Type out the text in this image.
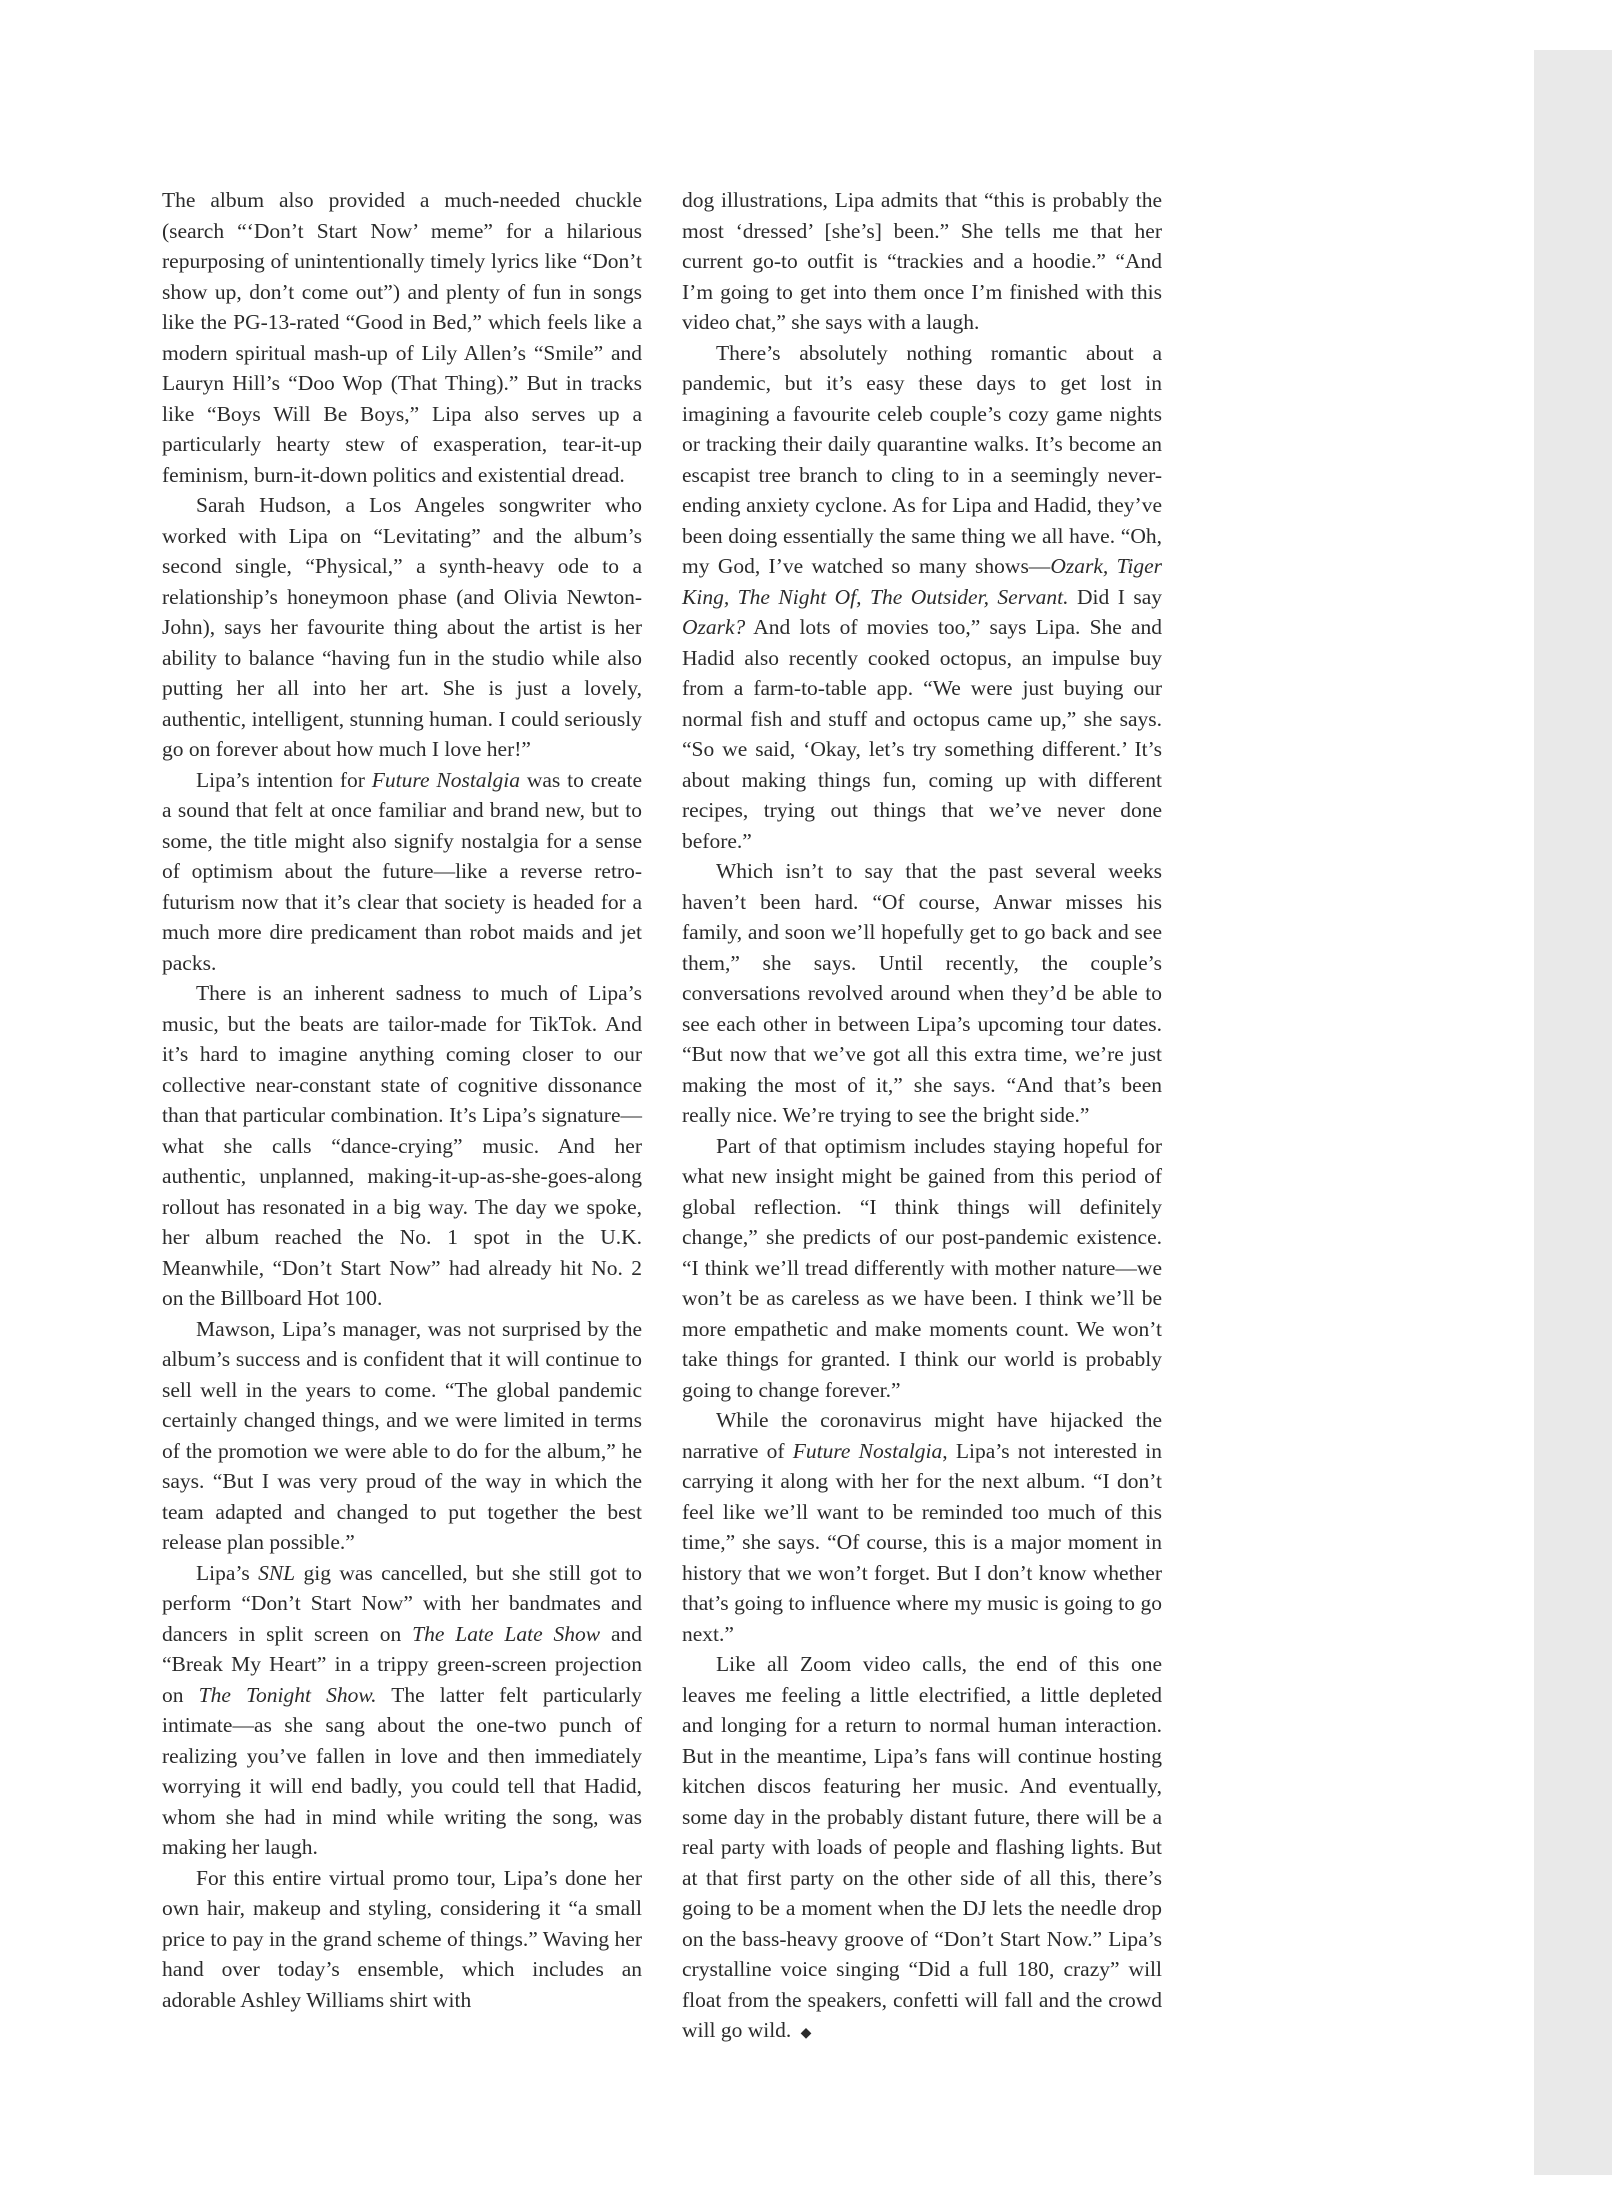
The album also provided a much-needed chuckle (search “‘Don’t Start Now’ meme” for a hilarious repurposing of unintentionally timely lyrics like “Don’t show up, don’t come out”) and plenty of fun in songs like the PG-13-rated “Good in Bed,” which feels like a modern spiritual mash-up of Lily Allen’s “Smile” and Lauryn Hill’s “Doo Wop (That Thing).” But in tracks like “Boys Will Be Boys,” Lipa also serves up a particularly hearty stew of exasperation, tear-it-up feminism, burn-it-down politics and existential dread.

Sarah Hudson, a Los Angeles songwriter who worked with Lipa on “Levitating” and the album’s second single, “Physical,” a synth-heavy ode to a relationship’s honeymoon phase (and Olivia Newton-John), says her favourite thing about the artist is her ability to balance “having fun in the studio while also putting her all into her art. She is just a lovely, authentic, intelligent, stunning human. I could seriously go on forever about how much I love her!”

Lipa’s intention for Future Nostalgia was to create a sound that felt at once familiar and brand new, but to some, the title might also signify nostalgia for a sense of optimism about the future—like a reverse retro-futurism now that it’s clear that society is headed for a much more dire predicament than robot maids and jet packs.

There is an inherent sadness to much of Lipa’s music, but the beats are tailor-made for TikTok. And it’s hard to imagine anything coming closer to our collective near-constant state of cognitive dissonance than that particular combination. It’s Lipa’s signature—what she calls “dance-crying” music. And her authentic, unplanned, making-it-up-as-she-goes-along rollout has resonated in a big way. The day we spoke, her album reached the No. 1 spot in the U.K. Meanwhile, “Don’t Start Now” had already hit No. 2 on the Billboard Hot 100.

Mawson, Lipa’s manager, was not surprised by the album’s success and is confident that it will continue to sell well in the years to come. “The global pandemic certainly changed things, and we were limited in terms of the promotion we were able to do for the album,” he says. “But I was very proud of the way in which the team adapted and changed to put together the best release plan possible.”

Lipa’s SNL gig was cancelled, but she still got to perform “Don’t Start Now” with her bandmates and dancers in split screen on The Late Late Show and “Break My Heart” in a trippy green-screen projection on The Tonight Show. The latter felt particularly intimate—as she sang about the one-two punch of realizing you’ve fallen in love and then immediately worrying it will end badly, you could tell that Hadid, whom she had in mind while writing the song, was making her laugh.

For this entire virtual promo tour, Lipa’s done her own hair, makeup and styling, considering it “a small price to pay in the grand scheme of things.” Waving her hand over today’s ensemble, which includes an adorable Ashley Williams shirt with

dog illustrations, Lipa admits that “this is probably the most ‘dressed’ [she’s] been.” She tells me that her current go-to outfit is “trackies and a hoodie.” “And I’m going to get into them once I’m finished with this video chat,” she says with a laugh.

There’s absolutely nothing romantic about a pandemic, but it’s easy these days to get lost in imagining a favourite celeb couple’s cozy game nights or tracking their daily quarantine walks. It’s become an escapist tree branch to cling to in a seemingly never-ending anxiety cyclone. As for Lipa and Hadid, they’ve been doing essentially the same thing we all have. “Oh, my God, I’ve watched so many shows—Ozark, Tiger King, The Night Of, The Outsider, Servant. Did I say Ozark? And lots of movies too,” says Lipa. She and Hadid also recently cooked octopus, an impulse buy from a farm-to-table app. “We were just buying our normal fish and stuff and octopus came up,” she says. “So we said, ‘Okay, let’s try something different.’ It’s about making things fun, coming up with different recipes, trying out things that we’ve never done before.”

Which isn’t to say that the past several weeks haven’t been hard. “Of course, Anwar misses his family, and soon we’ll hopefully get to go back and see them,” she says. Until recently, the couple’s conversations revolved around when they’d be able to see each other in between Lipa’s upcoming tour dates. “But now that we’ve got all this extra time, we’re just making the most of it,” she says. “And that’s been really nice. We’re trying to see the bright side.”

Part of that optimism includes staying hopeful for what new insight might be gained from this period of global reflection. “I think things will definitely change,” she predicts of our post-pandemic existence. “I think we’ll tread differently with mother nature—we won’t be as careless as we have been. I think we’ll be more empathetic and make moments count. We won’t take things for granted. I think our world is probably going to change forever.”

While the coronavirus might have hijacked the narrative of Future Nostalgia, Lipa’s not interested in carrying it along with her for the next album. “I don’t feel like we’ll want to be reminded too much of this time,” she says. “Of course, this is a major moment in history that we won’t forget. But I don’t know whether that’s going to influence where my music is going to go next.”

Like all Zoom video calls, the end of this one leaves me feeling a little electrified, a little depleted and longing for a return to normal human interaction. But in the meantime, Lipa’s fans will continue hosting kitchen discos featuring her music. And eventually, some day in the probably distant future, there will be a real party with loads of people and flashing lights. But at that first party on the other side of all this, there’s going to be a moment when the DJ lets the needle drop on the bass-heavy groove of “Don’t Start Now.” Lipa’s crystalline voice singing “Did a full 180, crazy” will float from the speakers, confetti will fall and the crowd will go wild. ◆
